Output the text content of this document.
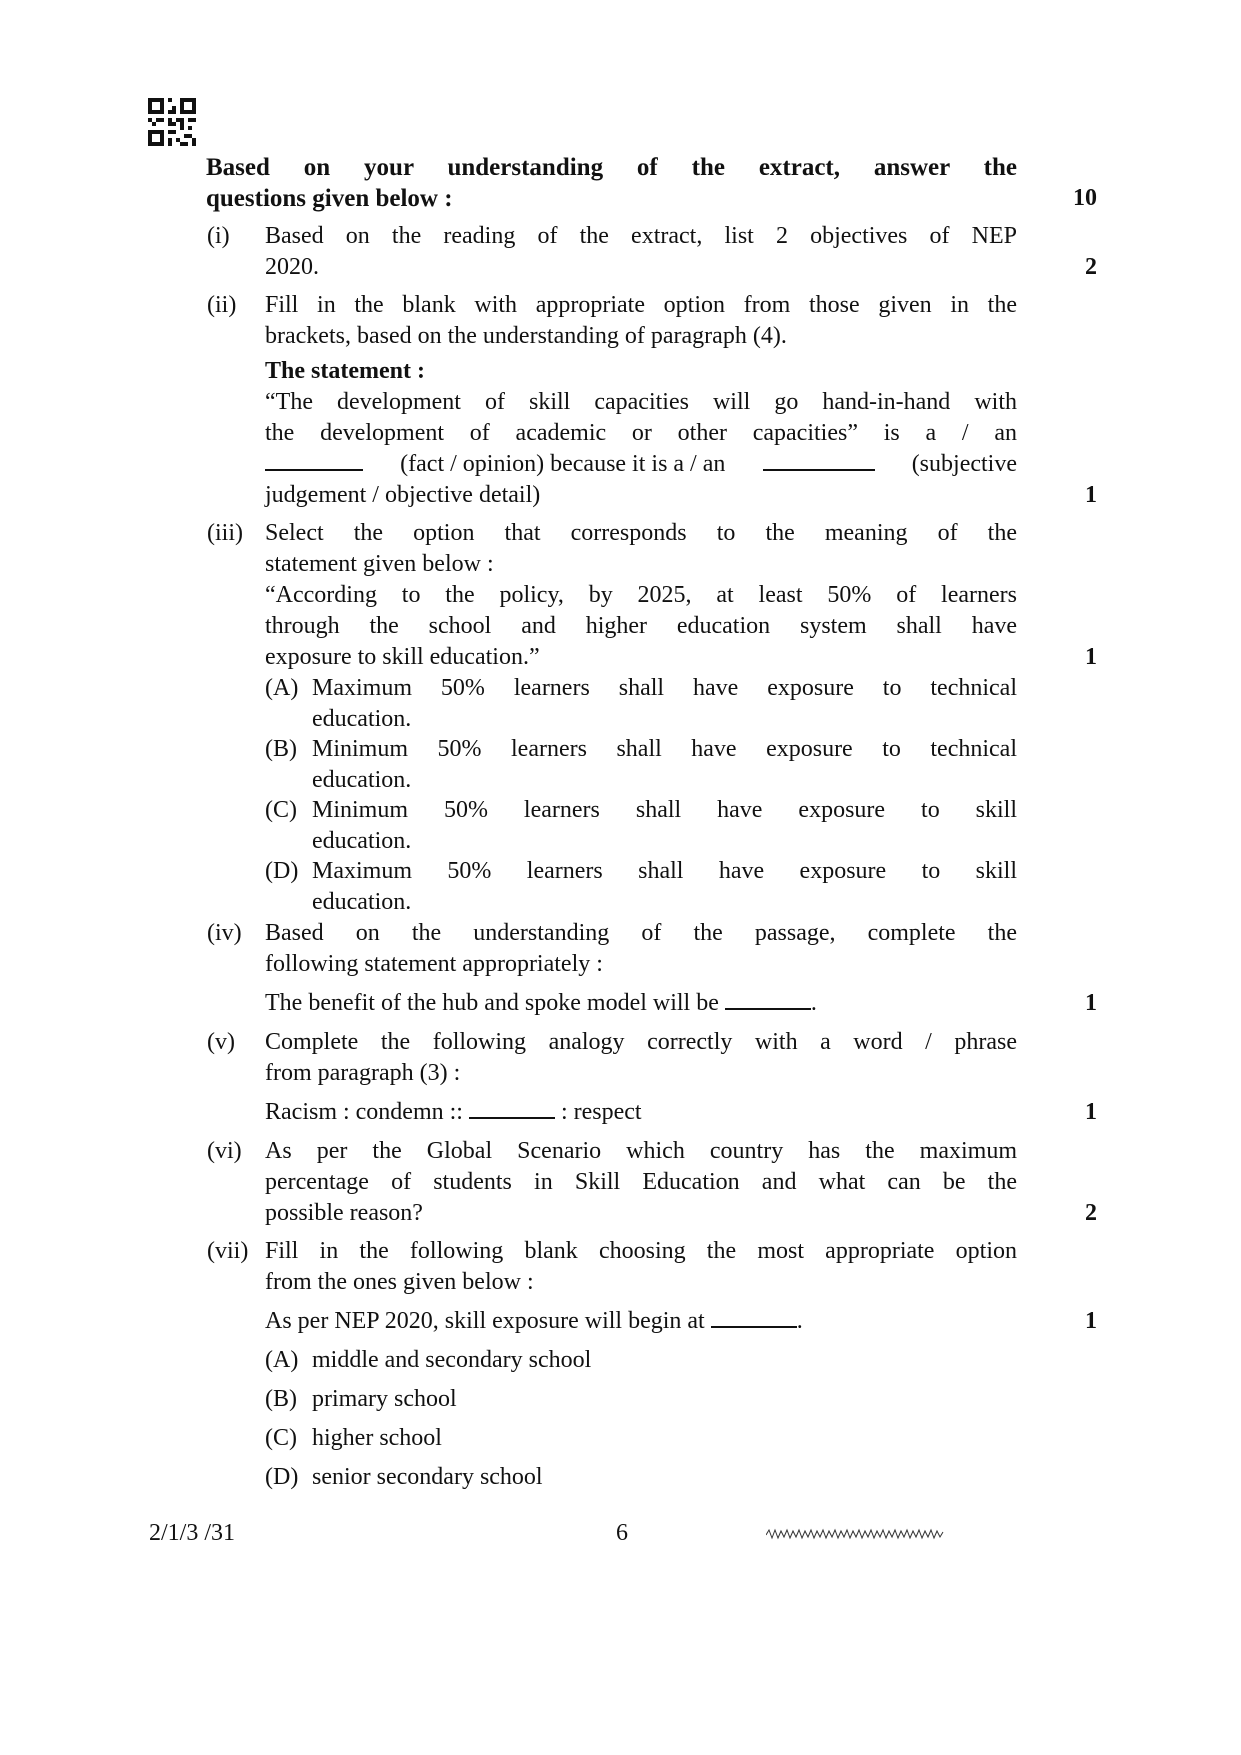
Based on your understanding of the extract, answer the
questions given below :	10
(i) Based on the reading of the extract, list 2 objectives of NEP
2020.	2
(ii) Fill in the blank with appropriate option from those given in the
brackets, based on the understanding of paragraph (4).
The statement :
“The development of skill capacities will go hand-in-hand with
the development of academic or other capacities” is a / an
(fact / opinion) because it is a / an	(subjective
judgement / objective detail)	1
(iii) Select the option that corresponds to the meaning of the
statement given below :
“According to the policy, by 2025, at least 50% of learners
through the school and higher education system shall have
exposure to skill education.”	1
(A) Maximum 50% learners shall have exposure to technical
education.
(B) Minimum 50% learners shall have exposure to technical
education.
(C) Minimum 50% learners shall have exposure to skill
education.
(D) Maximum 50% learners shall have exposure to skill
education.
(iv) Based on the understanding of the passage, complete the
following statement appropriately :
The benefit of the hub and spoke model will be	.	1
(v) Complete the following analogy correctly with a word / phrase
from paragraph (3) :
Racism : condemn ::	: respect	1
(vi) As per the Global Scenario which country has the maximum
percentage of students in Skill Education and what can be the
possible reason?	2
(vii) Fill in the following blank choosing the most appropriate option
from the ones given below :
As per NEP 2020, skill exposure will begin at	.	1
(A) middle and secondary school
(B) primary school
(C) higher school
(D) senior secondary school
2/1/3 /31	6
